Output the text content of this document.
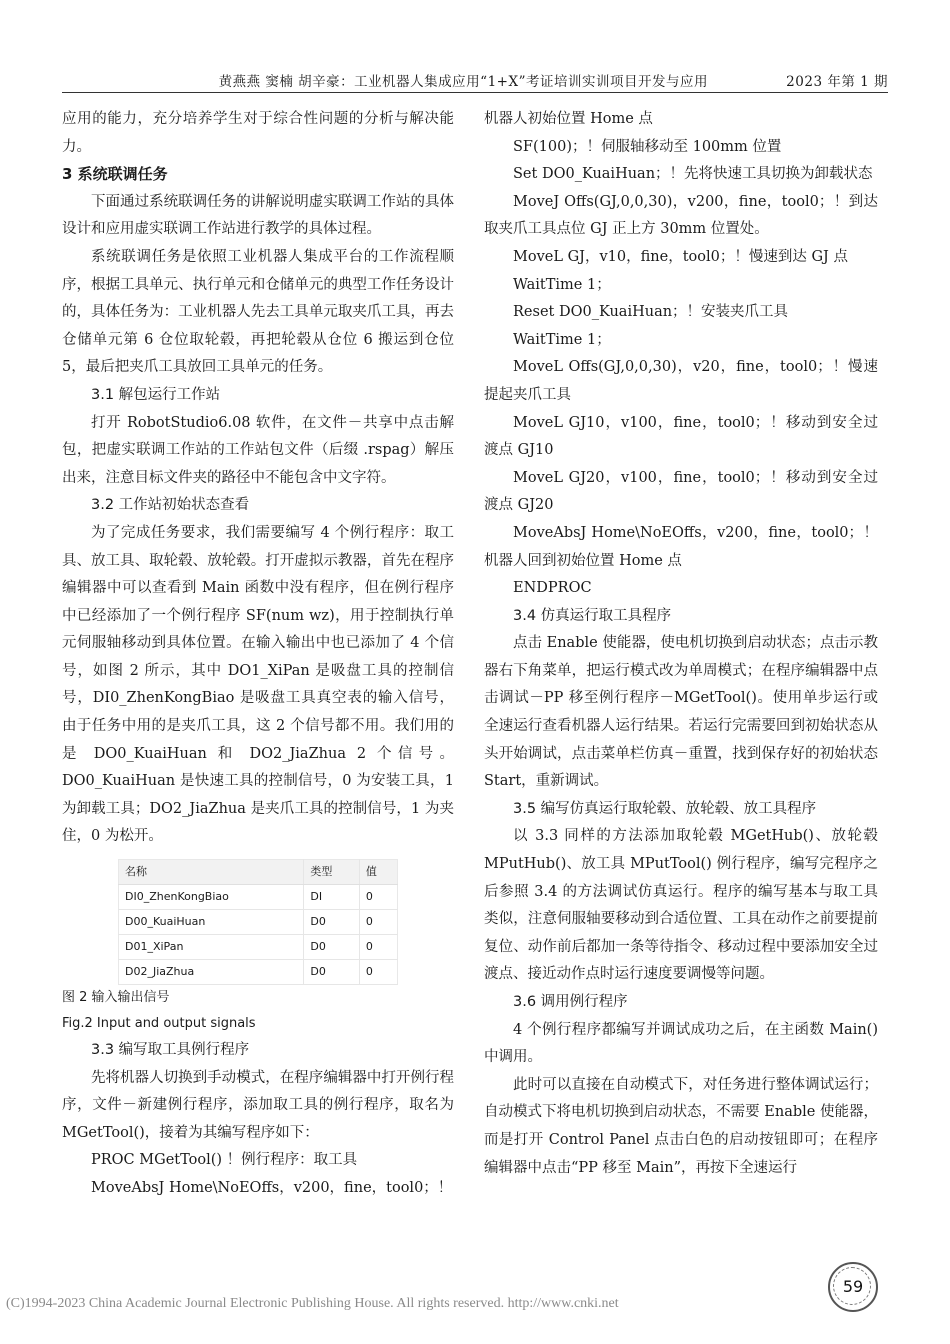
黄燕燕 窦楠 胡辛豪：工业机器人集成应用“1+X”考证培训实训项目开发与应用	2023 年第 1 期

应用的能力，充分培养学生对于综合性问题的分析与解决能力。

3 系统联调任务

下面通过系统联调任务的讲解说明虚实联调工作站的具体设计和应用虚实联调工作站进行教学的具体过程。

系统联调任务是依照工业机器人集成平台的工作流程顺序，根据工具单元、执行单元和仓储单元的典型工作任务设计的，具体任务为：工业机器人先去工具单元取夹爪工具，再去仓储单元第 6 仓位取轮毂，再把轮毂从仓位 6 搬运到仓位 5，最后把夹爪工具放回工具单元的任务。

3.1 解包运行工作站

打开 RobotStudio6.08 软件，在文件－共享中点击解包，把虚实联调工作站的工作站包文件（后缀 .rspag）解压出来，注意目标文件夹的路径中不能包含中文字符。

3.2 工作站初始状态查看

为了完成任务要求，我们需要编写 4 个例行程序：取工具、放工具、取轮毂、放轮毂。打开虚拟示教器，首先在程序编辑器中可以查看到 Main 函数中没有程序，但在例行程序中已经添加了一个例行程序 SF(num wz)，用于控制执行单元伺服轴移动到具体位置。在输入输出中也已添加了 4 个信号，如图 2 所示，其中 DO1_XiPan 是吸盘工具的控制信号，DI0_ZhenKongBiao 是吸盘工具真空表的输入信号，由于任务中用的是夹爪工具，这 2 个信号都不用。我们用的是 DO0_KuaiHuan 和 DO2_JiaZhua 2 个信号。DO0_KuaiHuan 是快速工具的控制信号，0 为安装工具，1 为卸载工具；DO2_JiaZhua 是夹爪工具的控制信号，1 为夹住，0 为松开。

名称	类型	值
DI0_ZhenKongBiao	DI	0
D00_KuaiHuan	D0	0
D01_XiPan	D0	0
D02_JiaZhua	D0	0

图 2 输入输出信号

Fig.2 Input and output signals

3.3 编写取工具例行程序

先将机器人切换到手动模式，在程序编辑器中打开例行程序，文件－新建例行程序，添加取工具的例行程序，取名为 MGetTool()，接着为其编写程序如下：

PROC MGetTool() ！例行程序：取工具

MoveAbsJ Home\NoEOffs，v200，fine，tool0；！

机器人初始位置 Home 点

SF(100)；！伺服轴移动至 100mm 位置

Set DO0_KuaiHuan；！先将快速工具切换为卸载状态

MoveJ Offs(GJ,0,0,30)，v200，fine，tool0；！到达取夹爪工具点位 GJ 正上方 30mm 位置处。

MoveL GJ，v10，fine，tool0；！慢速到达 GJ 点

WaitTime 1；

Reset DO0_KuaiHuan；！安装夹爪工具

WaitTime 1；

MoveL Offs(GJ,0,0,30)，v20，fine，tool0；！慢速提起夹爪工具

MoveL GJ10，v100，fine，tool0；！移动到安全过渡点 GJ10

MoveL GJ20，v100，fine，tool0；！移动到安全过渡点 GJ20

MoveAbsJ Home\NoEOffs，v200，fine，tool0；！机器人回到初始位置 Home 点

ENDPROC

3.4 仿真运行取工具程序

点击 Enable 使能器，使电机切换到启动状态；点击示教器右下角菜单，把运行模式改为单周模式；在程序编辑器中点击调试－PP 移至例行程序－MGetTool()。使用单步运行或全速运行查看机器人运行结果。若运行完需要回到初始状态从头开始调试，点击菜单栏仿真－重置，找到保存好的初始状态 Start，重新调试。

3.5 编写仿真运行取轮毂、放轮毂、放工具程序

以 3.3 同样的方法添加取轮毂 MGetHub()、放轮毂 MPutHub()、放工具 MPutTool() 例行程序，编写完程序之后参照 3.4 的方法调试仿真运行。程序的编写基本与取工具类似，注意伺服轴要移动到合适位置、工具在动作之前要提前复位、动作前后都加一条等待指令、移动过程中要添加安全过渡点、接近动作点时运行速度要调慢等问题。

3.6 调用例行程序

4 个例行程序都编写并调试成功之后，在主函数 Main() 中调用。

此时可以直接在自动模式下，对任务进行整体调试运行；自动模式下将电机切换到启动状态，不需要 Enable 使能器，而是打开 Control Panel 点击白色的启动按钮即可；在程序编辑器中点击“PP 移至 Main”，再按下全速运行

59
(C)1994-2023 China Academic Journal Electronic Publishing House. All rights reserved. http://www.cnki.net
